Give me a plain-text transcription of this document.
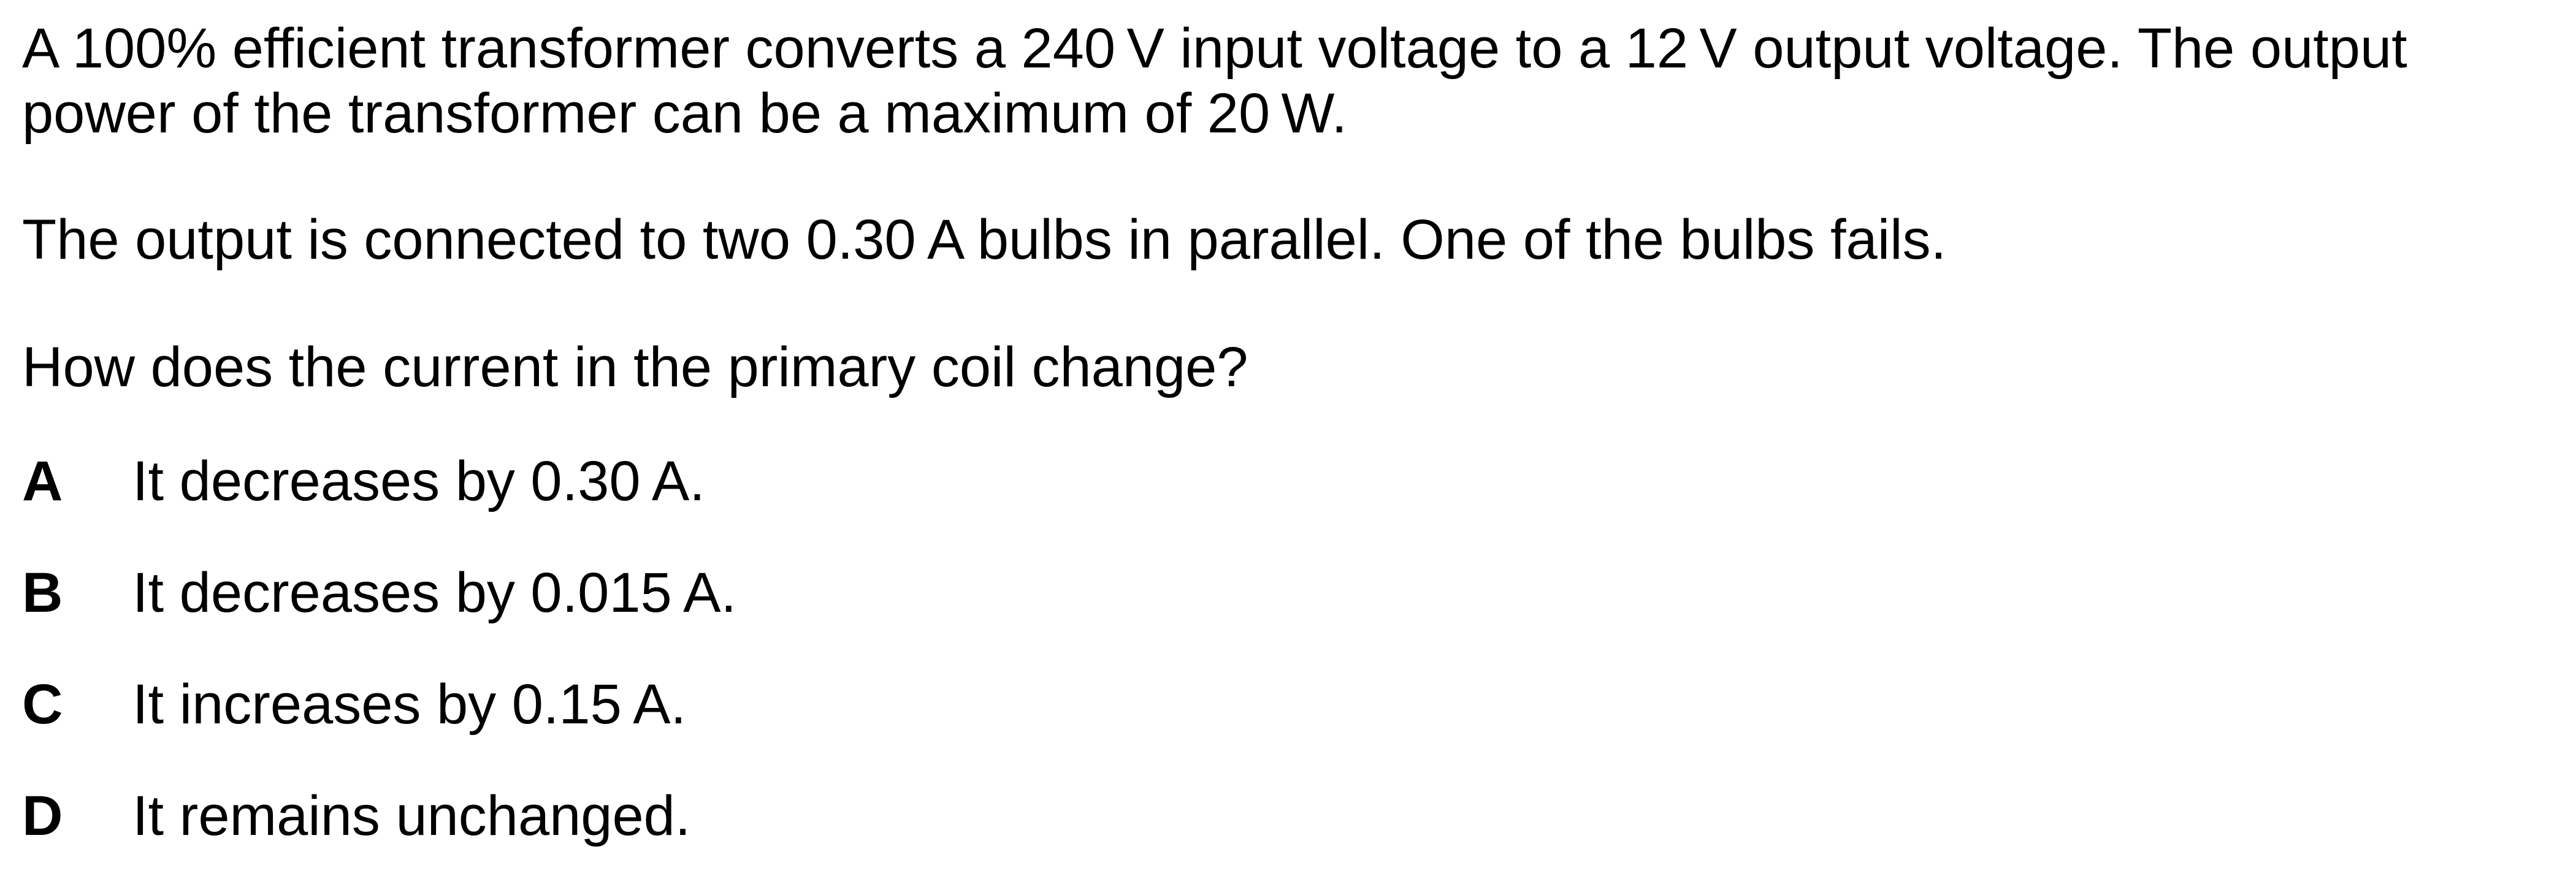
A 100% efficient transformer converts a 240 V input voltage to a 12 V output voltage. The output
power of the transformer can be a maximum of 20 W.

The output is connected to two 0.30 A bulbs in parallel. One of the bulbs fails.

How does the current in the primary coil change?

A	It decreases by 0.30 A.
B	It decreases by 0.015 A.
C	It increases by 0.15 A.
D	It remains unchanged.
